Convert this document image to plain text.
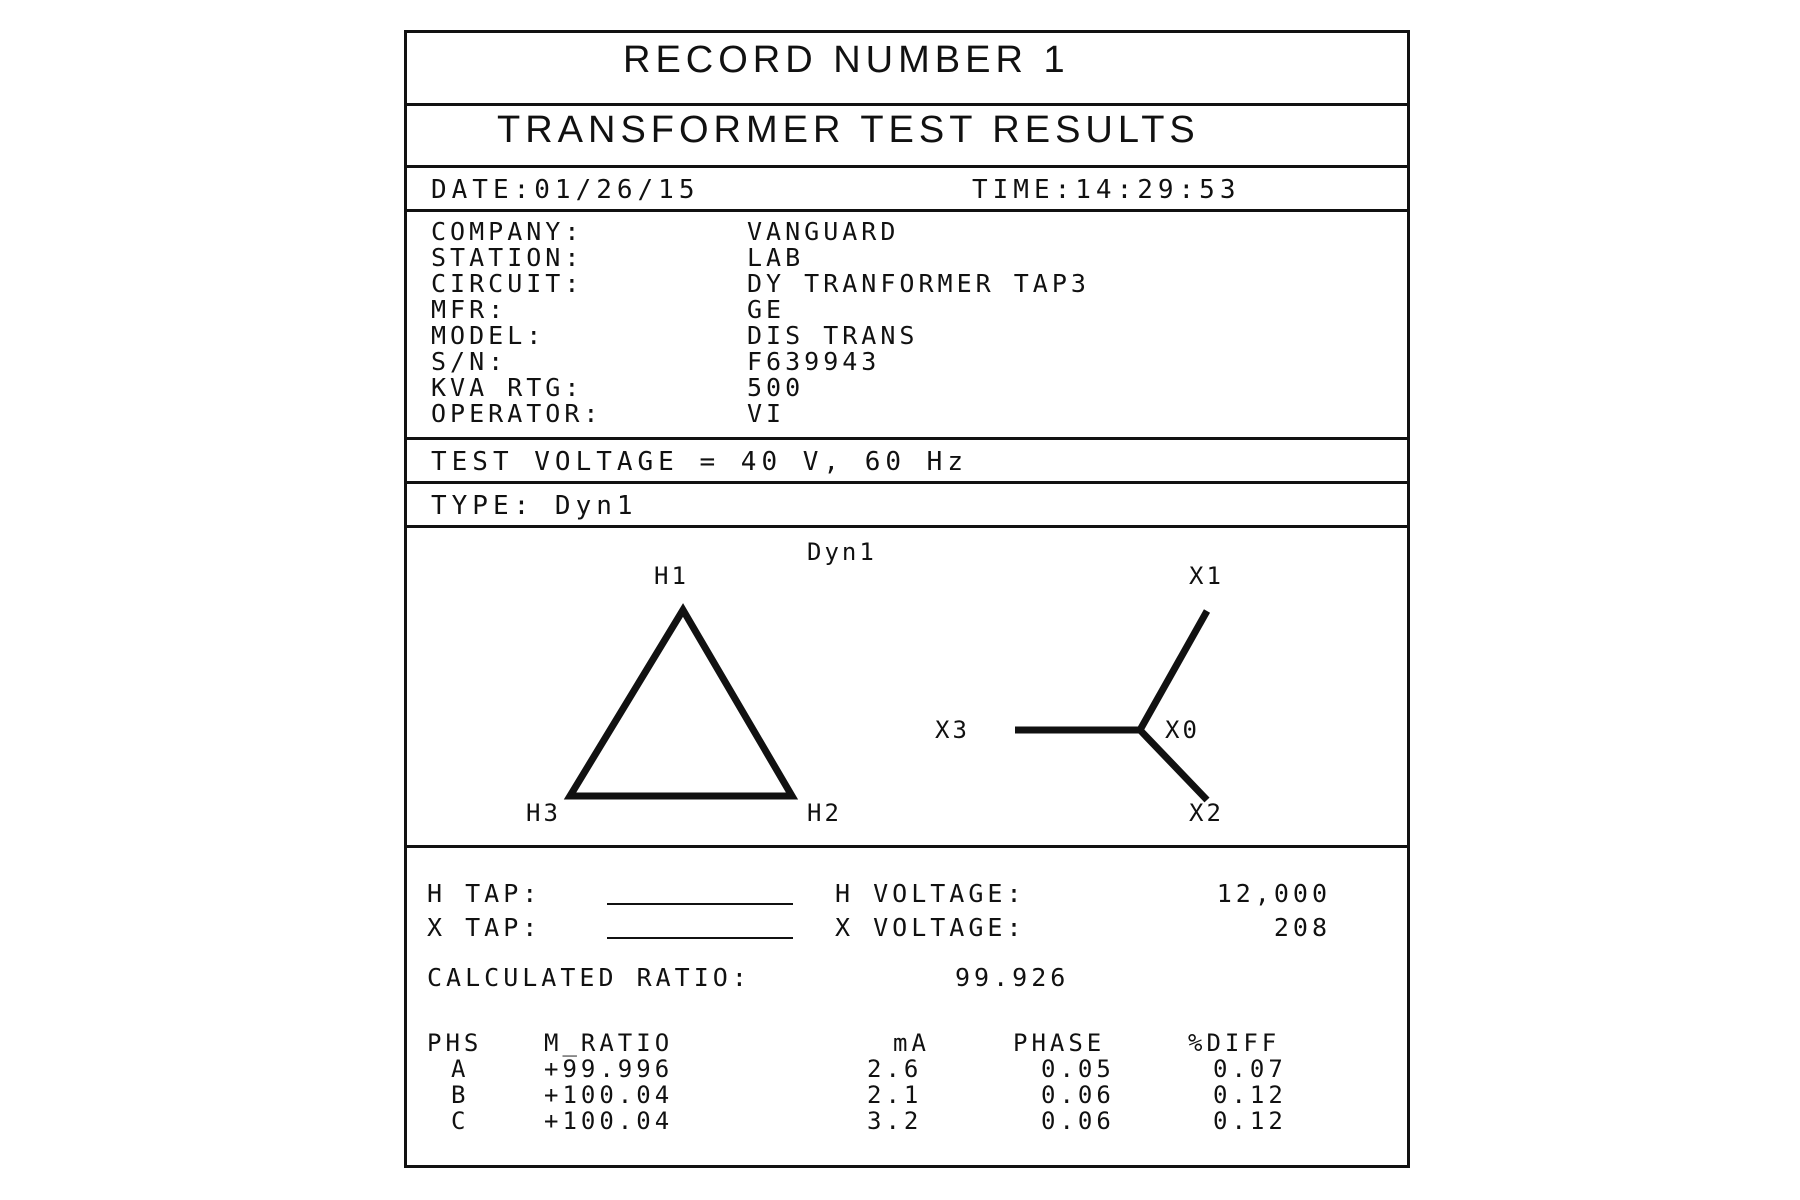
RECORD NUMBER 1
TRANSFORMER TEST RESULTS
DATE:01/26/15	TIME:14:29:53
COMPANY:	VANGUARD
STATION:	LAB
CIRCUIT:	DY TRANFORMER TAP3
MFR:	GE
MODEL:	DIS TRANS
S/N:	F639943
KVA RTG:	500
OPERATOR:	VI
TEST VOLTAGE = 40 V, 60 Hz
TYPE: Dyn1
Dyn1
H1
H3	H2
X1
X3	X0
X2
H TAP:	H VOLTAGE:	12,000
X TAP:	X VOLTAGE:	208
CALCULATED RATIO:	99.926
PHS	M_RATIO	mA	PHASE	%DIFF
A	+99.996	2.6	0.05	0.07
B	+100.04	2.1	0.06	0.12
C	+100.04	3.2	0.06	0.12
